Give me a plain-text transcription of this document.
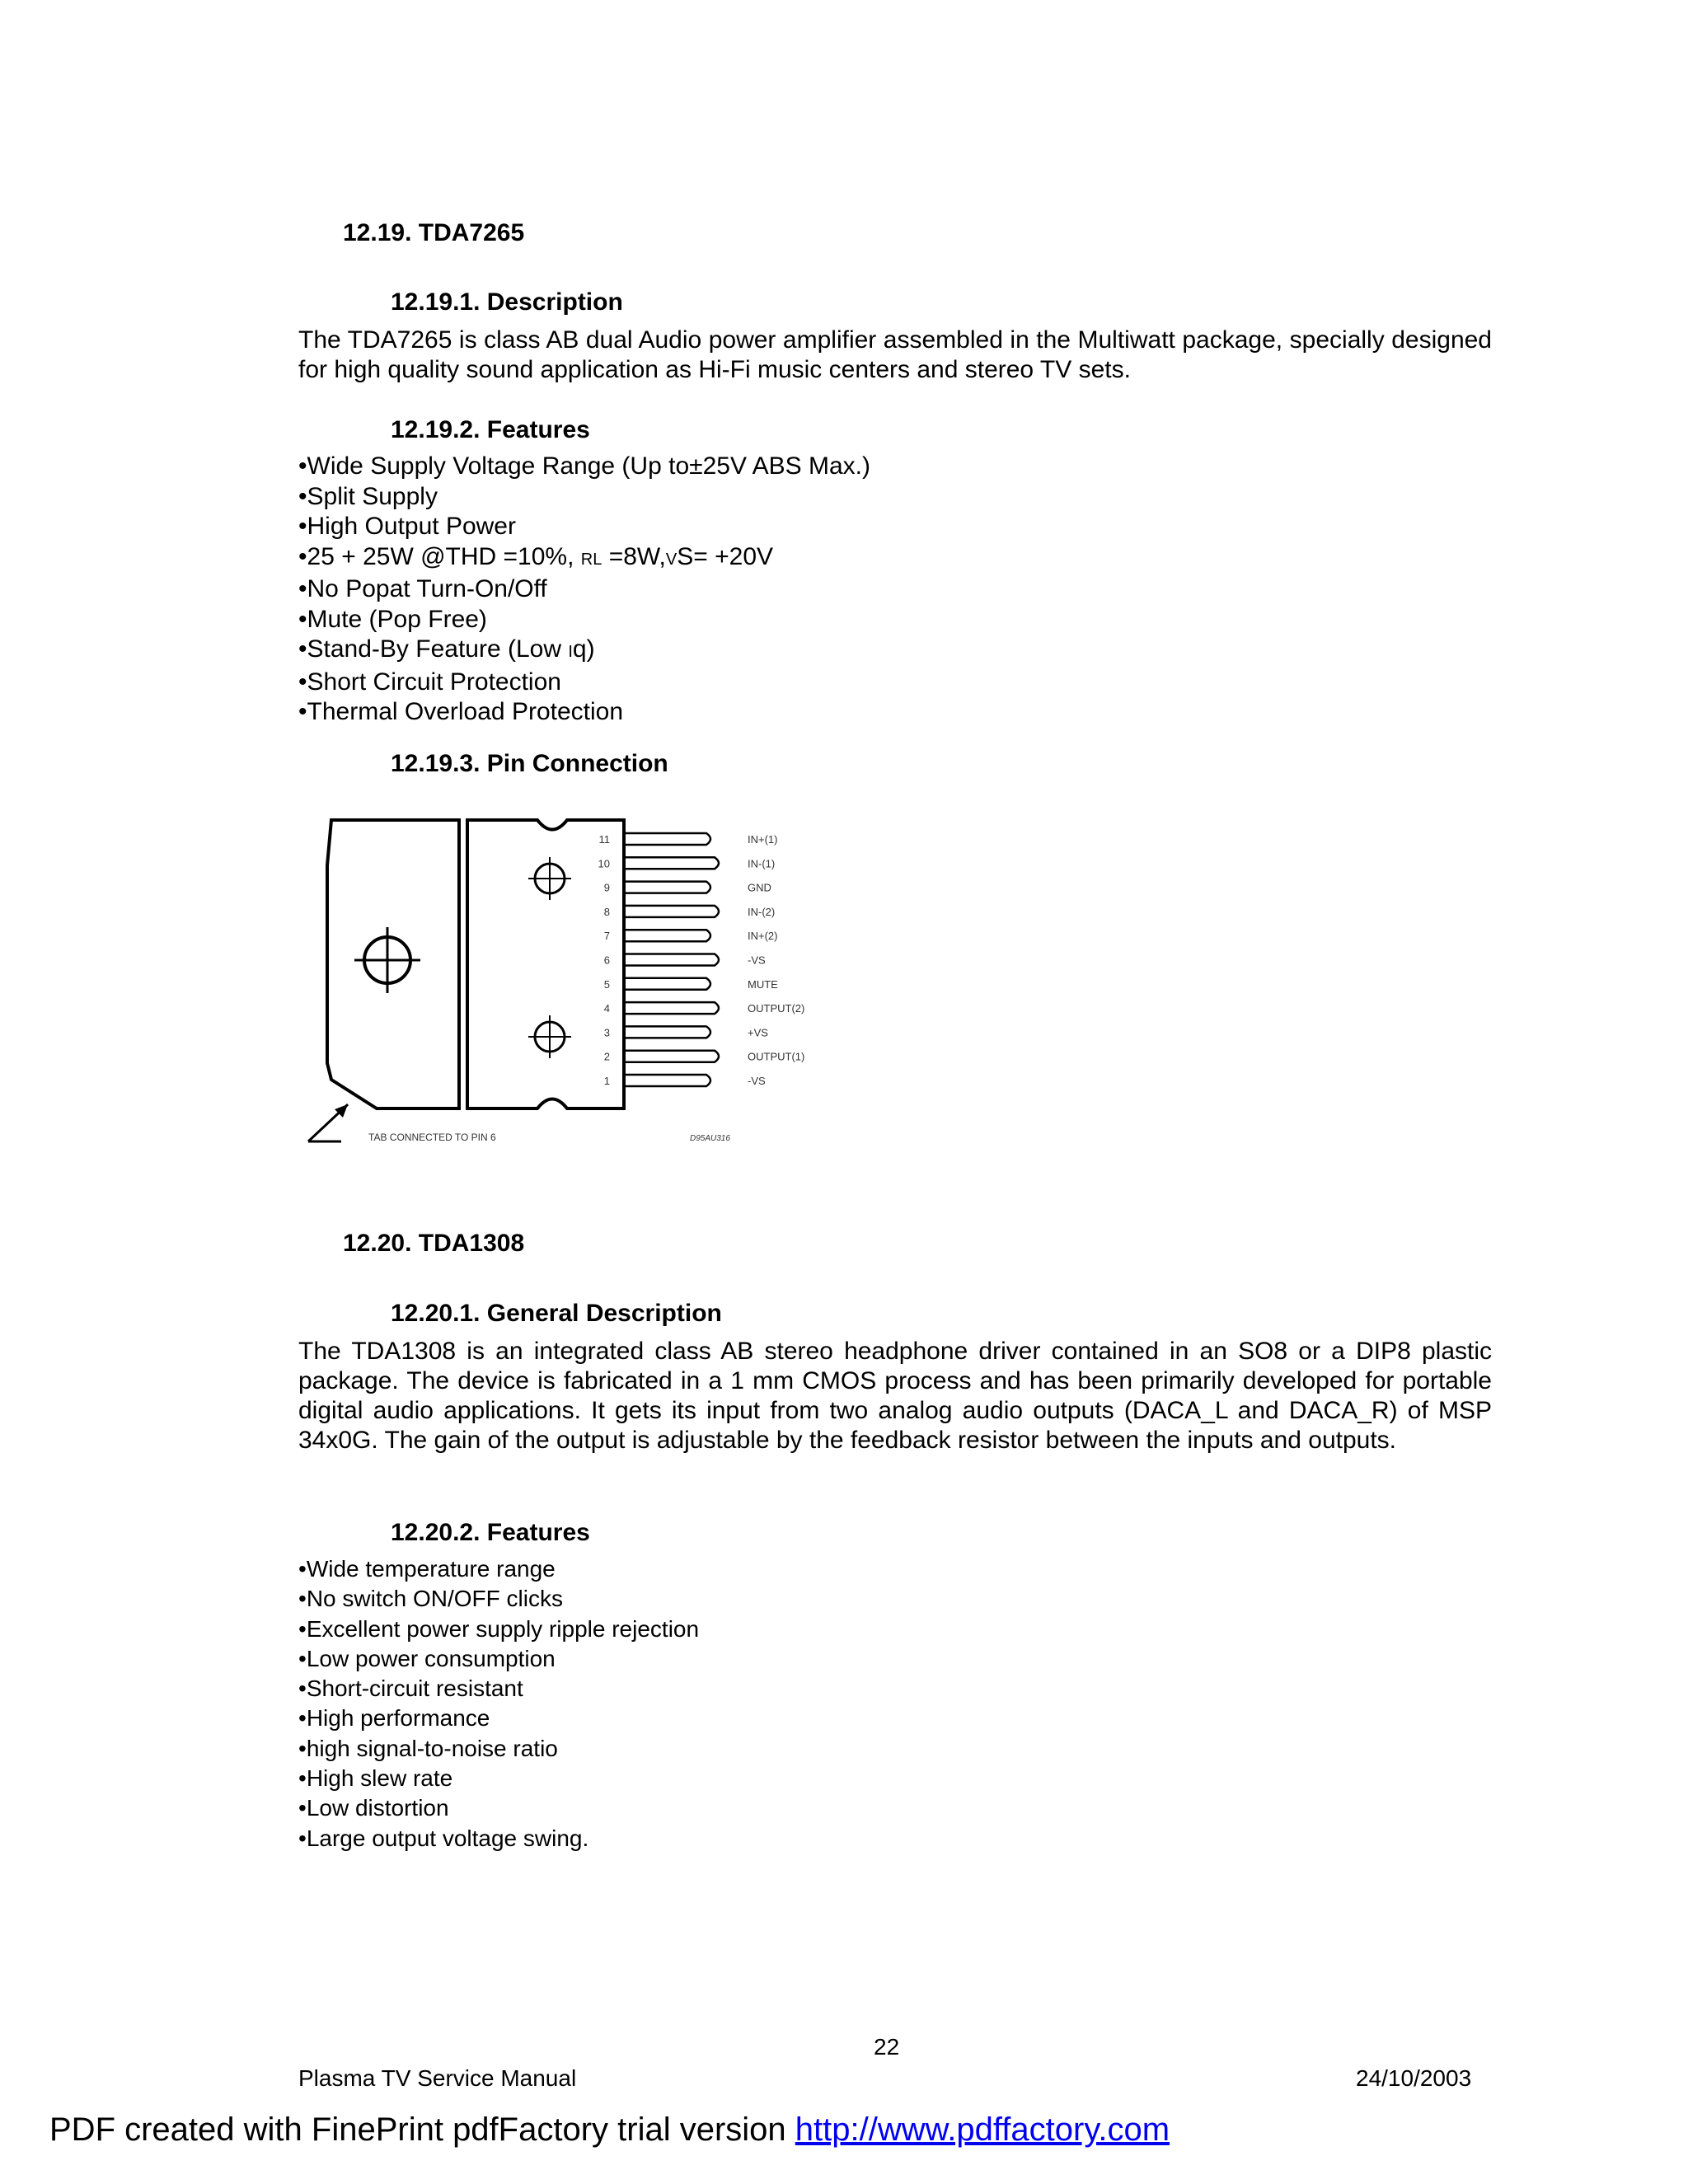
12.19. TDA7265
12.19.1. Description
The TDA7265 is class AB dual Audio power amplifier assembled in the Multiwatt package, specially designed for high quality sound application as Hi-Fi music centers and stereo TV sets.
12.19.2. Features
• Wide Supply Voltage Range (Up to±25V ABS Max.)
• Split Supply
• High Output Power
• 25 + 25W @THD =10%, RL =8W,VS= +20V
• No Popat Turn-On/Off
• Mute (Pop Free)
• Stand-By Feature (Low Iq)
• Short Circuit Protection
• Thermal Overload Protection
12.19.3. Pin Connection
11	IN+(1)
10	IN-(1)
9	GND
8	IN-(2)
7	IN+(2)
6	-VS
5	MUTE
4	OUTPUT(2)
3	+VS
2	OUTPUT(1)
1	-VS
TAB CONNECTED TO PIN 6	D95AU316
12.20. TDA1308
12.20.1. General Description
The TDA1308 is an integrated class AB stereo headphone driver contained in an SO8 or a DIP8 plastic package. The device is fabricated in a 1 mm CMOS process and has been primarily developed for portable digital audio applications. It gets its input from two analog audio outputs (DACA_L and DACA_R) of MSP 34x0G. The gain of the output is adjustable by the feedback resistor between the inputs and outputs.
12.20.2. Features
• Wide temperature range
• No switch ON/OFF clicks
• Excellent power supply ripple rejection
• Low power consumption
• Short-circuit resistant
• High performance
• high signal-to-noise ratio
• High slew rate
• Low distortion
• Large output voltage swing.
22
Plasma TV Service Manual	24/10/2003
PDF created with FinePrint pdfFactory trial version http://www.pdffactory.com
